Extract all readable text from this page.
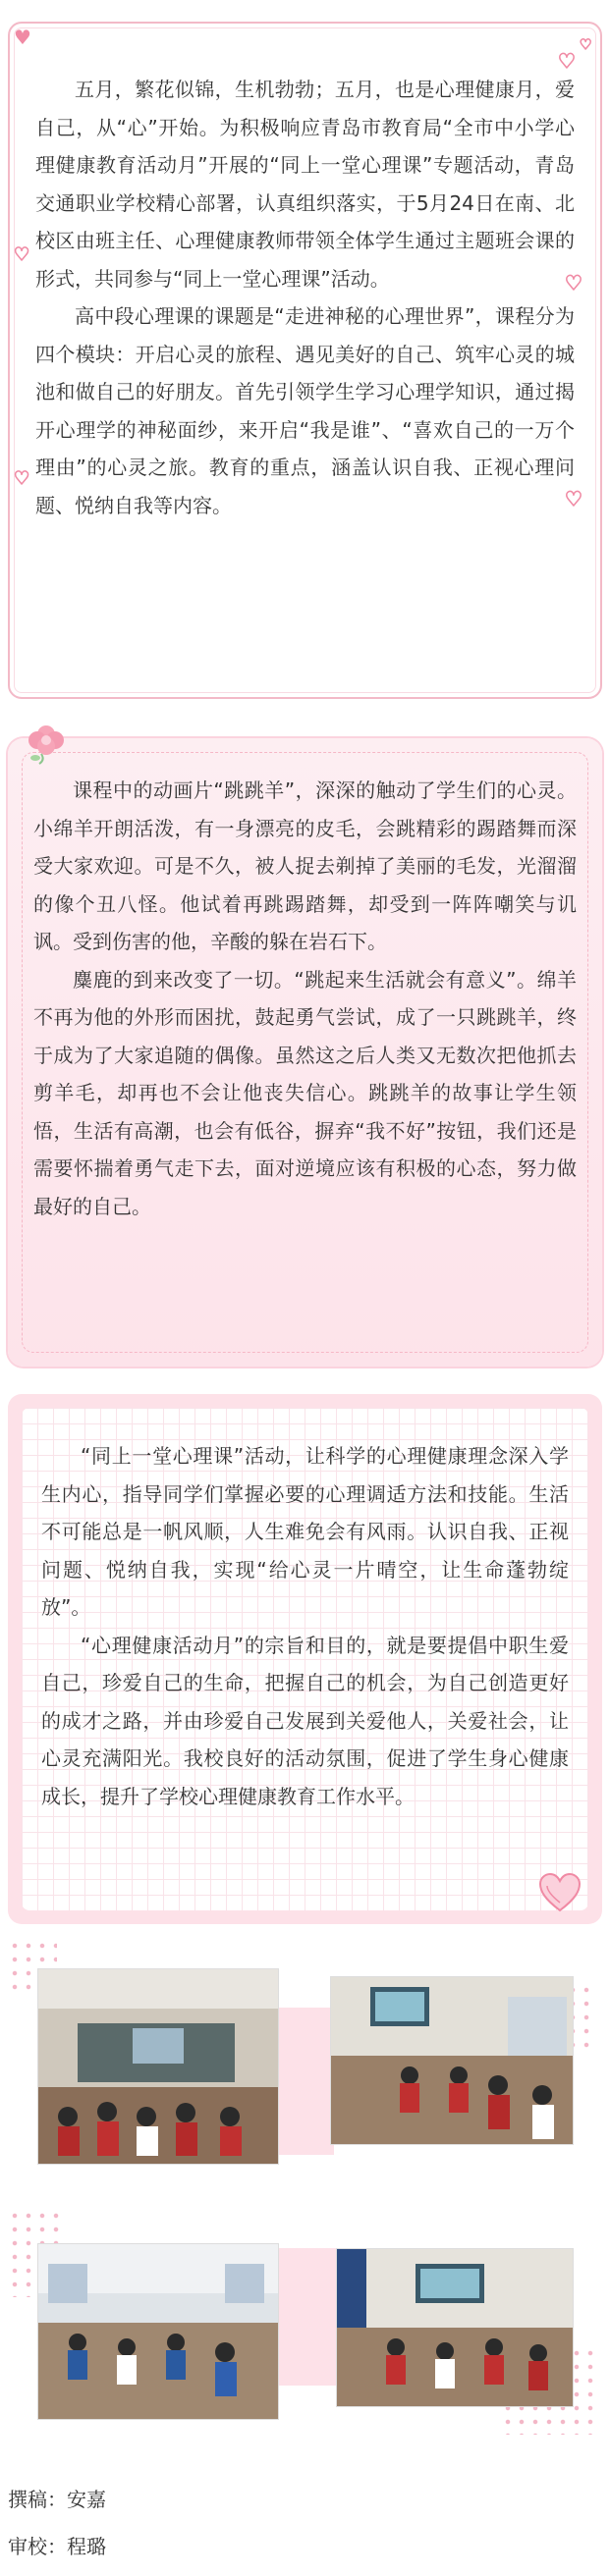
五月，繁花似锦，生机勃勃；五月，也是心理健康月，爱自己，从“心”开始。为积极响应青岛市教育局“全市中小学心理健康教育活动月”开展的“同上一堂心理课”专题活动，青岛交通职业学校精心部署，认真组织落实，于5月24日在南、北校区由班主任、心理健康教师带领全体学生通过主题班会课的形式，共同参与“同上一堂心理课”活动。

高中段心理课的课题是“走进神秘的心理世界”，课程分为四个模块：开启心灵的旅程、遇见美好的自己、筑牢心灵的城池和做自己的好朋友。首先引领学生学习心理学知识，通过揭开心理学的神秘面纱，来开启“我是谁”、“喜欢自己的一万个理由”的心灵之旅。教育的重点，涵盖认识自我、正视心理问题、悦纳自我等内容。

♥
♥
♥
♥
♥
♥
♥

课程中的动画片“跳跳羊”，深深的触动了学生们的心灵。小绵羊开朗活泼，有一身漂亮的皮毛，会跳精彩的踢踏舞而深受大家欢迎。可是不久，被人捉去剃掉了美丽的毛发，光溜溜的像个丑八怪。他试着再跳踢踏舞，却受到一阵阵嘲笑与讥讽。受到伤害的他，辛酸的躲在岩石下。

麋鹿的到来改变了一切。“跳起来生活就会有意义”。绵羊不再为他的外形而困扰，鼓起勇气尝试，成了一只跳跳羊，终于成为了大家追随的偶像。虽然这之后人类又无数次把他抓去剪羊毛，却再也不会让他丧失信心。跳跳羊的故事让学生领悟，生活有高潮，也会有低谷，摒弃“我不好”按钮，我们还是需要怀揣着勇气走下去，面对逆境应该有积极的心态，努力做最好的自己。

“同上一堂心理课”活动，让科学的心理健康理念深入学生内心，指导同学们掌握必要的心理调适方法和技能。生活不可能总是一帆风顺，人生难免会有风雨。认识自我、正视问题、悦纳自我，实现“给心灵一片晴空，让生命蓬勃绽放”。

“心理健康活动月”的宗旨和目的，就是要提倡中职生爱自己，珍爱自己的生命，把握自己的机会，为自己创造更好的成才之路，并由珍爱自己发展到关爱他人，关爱社会，让心灵充满阳光。我校良好的活动氛围，促进了学生身心健康成长，提升了学校心理健康教育工作水平。

撰稿：安嘉
审校：程璐
